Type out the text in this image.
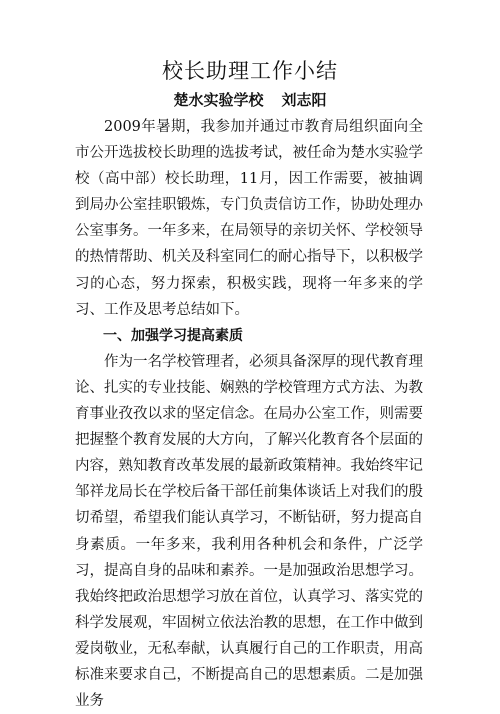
校长助理工作小结
楚水实验学校 刘志阳

2009年暑期，我参加并通过市教育局组织面向全市公开选拔校长助理的选拔考试，被任命为楚水实验学校（高中部）校长助理，11月，因工作需要，被抽调到局办公室挂职锻炼，专门负责信访工作，协助处理办公室事务。一年多来，在局领导的亲切关怀、学校领导的热情帮助、机关及科室同仁的耐心指导下，以积极学习的心态，努力探索，积极实践，现将一年多来的学习、工作及思考总结如下。

一、加强学习提高素质

作为一名学校管理者，必须具备深厚的现代教育理论、扎实的专业技能、娴熟的学校管理方式方法、为教育事业孜孜以求的坚定信念。在局办公室工作，则需要把握整个教育发展的大方向，了解兴化教育各个层面的内容，熟知教育改革发展的最新政策精神。我始终牢记邹祥龙局长在学校后备干部任前集体谈话上对我们的殷切希望，希望我们能认真学习，不断钻研，努力提高自身素质。一年多来，我利用各种机会和条件，广泛学习，提高自身的品味和素养。一是加强政治思想学习。我始终把政治思想学习放在首位，认真学习、落实党的科学发展观，牢固树立依法治教的思想，在工作中做到爱岗敬业，无私奉献，认真履行自己的工作职责，用高标准来要求自己，不断提高自己的思想素质。二是加强业务
